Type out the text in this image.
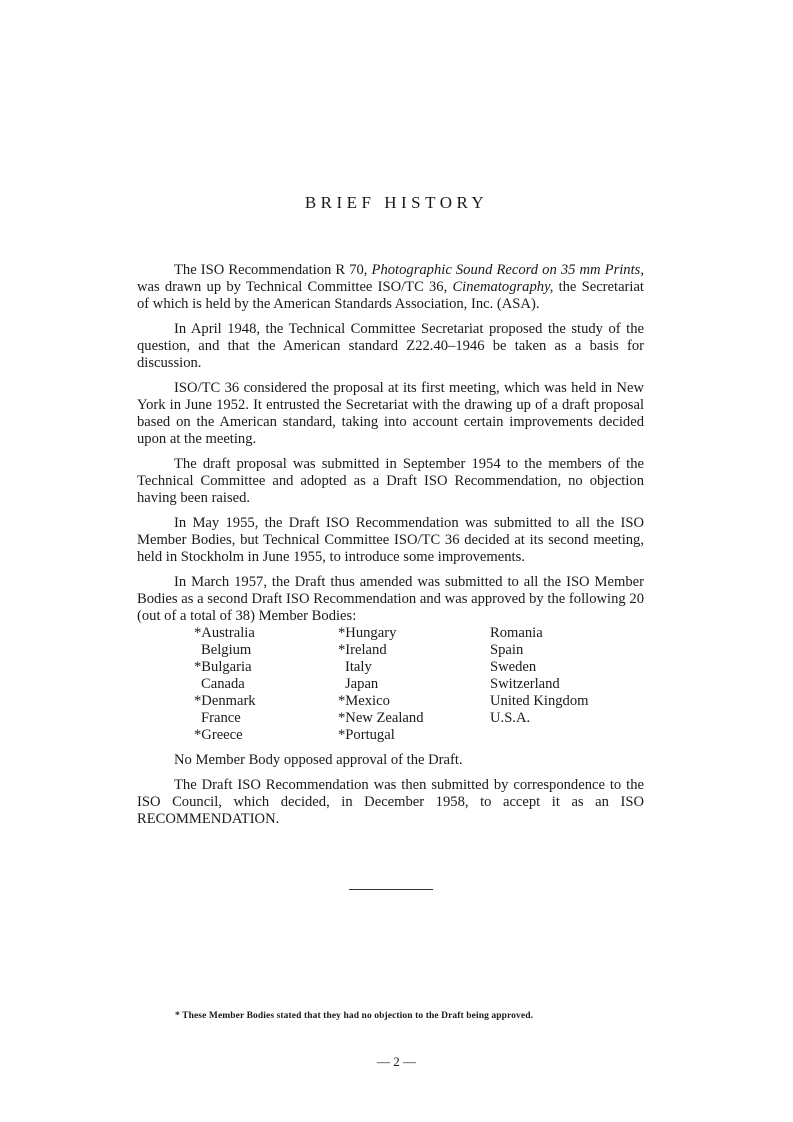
BRIEF HISTORY

The ISO Recommendation R 70, Photographic Sound Record on 35 mm Prints, was drawn up by Technical Committee ISO/TC 36, Cinematography, the Secretariat of which is held by the American Standards Association, Inc. (ASA).

In April 1948, the Technical Committee Secretariat proposed the study of the question, and that the American standard Z22.40–1946 be taken as a basis for discussion.

ISO/TC 36 considered the proposal at its first meeting, which was held in New York in June 1952. It entrusted the Secretariat with the drawing up of a draft proposal based on the American standard, taking into account certain improvements decided upon at the meeting.

The draft proposal was submitted in September 1954 to the members of the Technical Committee and adopted as a Draft ISO Recommendation, no objection having been raised.

In May 1955, the Draft ISO Recommendation was submitted to all the ISO Member Bodies, but Technical Committee ISO/TC 36 decided at its second meeting, held in Stockholm in June 1955, to introduce some improvements.

In March 1957, the Draft thus amended was submitted to all the ISO Member Bodies as a second Draft ISO Recommendation and was approved by the following 20 (out of a total of 38) Member Bodies:

*Australia	*Hungary	Romania
Belgium	*Ireland	Spain
*Bulgaria	Italy	Sweden
Canada	Japan	Switzerland
*Denmark	*Mexico	United Kingdom
France	*New Zealand	U.S.A.
*Greece	*Portugal

No Member Body opposed approval of the Draft.

The Draft ISO Recommendation was then submitted by correspondence to the ISO Council, which decided, in December 1958, to accept it as an ISO RECOMMENDATION.

* These Member Bodies stated that they had no objection to the Draft being approved.
— 2 —
